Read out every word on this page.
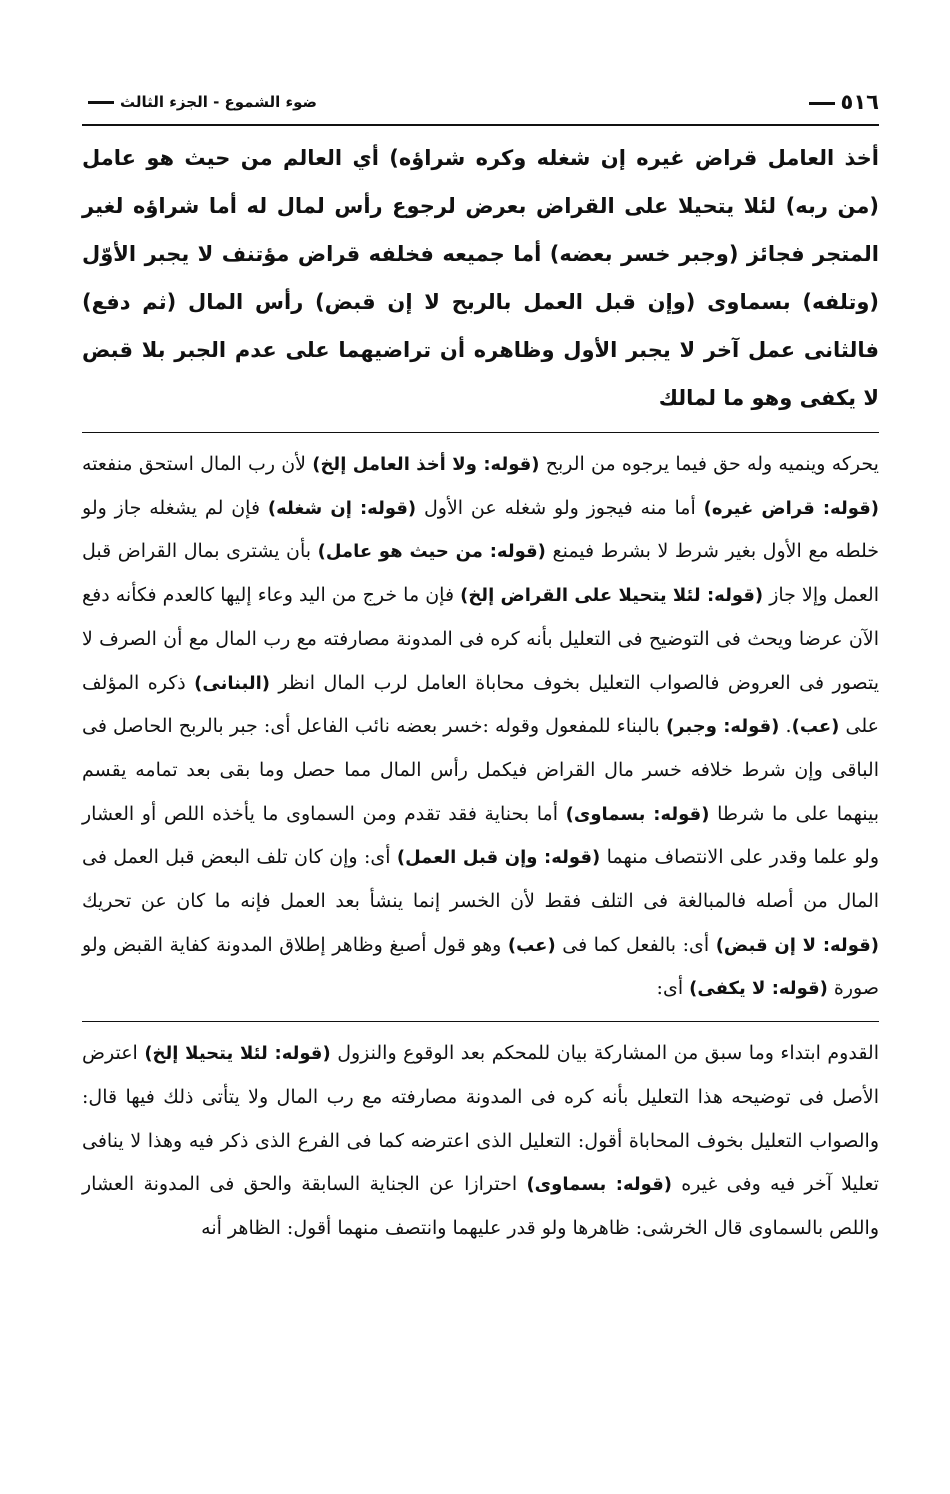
٥١٦
ضوء الشموع - الجزء الثالث

أخذ العامل قراض غيره إن شغله وكره شراؤه) أي العالم من حيث هو عامل (من ربه) لئلا يتحيلا على القراض بعرض لرجوع رأس لمال له أما شراؤه لغير المتجر فجائز (وجبر خسر بعضه) أما جميعه فخلفه قراض مؤتنف لا يجبر الأوّل (وتلفه) بسماوى (وإن قبل العمل بالربح لا إن قبض) رأس المال (ثم دفع) فالثانى عمل آخر لا يجبر الأول وظاهره أن تراضيهما على عدم الجبر بلا قبض لا يكفى وهو ما لمالك

يحركه وينميه وله حق فيما يرجوه من الربح (قوله: ولا أخذ العامل إلخ) لأن رب المال استحق منفعته (قوله: قراض غيره) أما منه فيجوز ولو شغله عن الأول (قوله: إن شغله) فإن لم يشغله جاز ولو خلطه مع الأول بغير شرط لا بشرط فيمنع (قوله: من حيث هو عامل) بأن يشترى بمال القراض قبل العمل وإلا جاز (قوله: لئلا يتحيلا على القراض إلخ) فإن ما خرج من اليد وعاء إليها كالعدم فكأنه دفع الآن عرضا ويحث فى التوضيح فى التعليل بأنه كره فى المدونة مصارفته مع رب المال مع أن الصرف لا يتصور فى العروض فالصواب التعليل بخوف محاباة العامل لرب المال انظر (البنانى) ذكره المؤلف على (عب). (قوله: وجبر) بالبناء للمفعول وقوله :خسر بعضه نائب الفاعل أى: جبر بالربح الحاصل فى الباقى وإن شرط خلافه خسر مال القراض فيكمل رأس المال مما حصل وما بقى بعد تمامه يقسم بينهما على ما شرطا (قوله: بسماوى) أما بحناية فقد تقدم ومن السماوى ما يأخذه اللص أو العشار ولو علما وقدر على الانتصاف منهما (قوله: وإن قبل العمل) أى: وإن كان تلف البعض قبل العمل فى المال من أصله فالمبالغة فى التلف فقط لأن الخسر إنما ينشأ بعد العمل فإنه ما كان عن تحريك (قوله: لا إن قبض) أى: بالفعل كما فى (عب) وهو قول أصبغ وظاهر إطلاق المدونة كفاية القبض ولو صورة (قوله: لا يكفى) أى:

القدوم ابتداء وما سبق من المشاركة بيان للمحكم بعد الوقوع والنزول (قوله: لئلا يتحيلا إلخ) اعترض الأصل فى توضيحه هذا التعليل بأنه كره فى المدونة مصارفته مع رب المال ولا يتأتى ذلك فيها قال: والصواب التعليل بخوف المحاباة أقول: التعليل الذى اعترضه كما فى الفرع الذى ذكر فيه وهذا لا ينافى تعليلا آخر فيه وفى غيره (قوله: بسماوى) احترازا عن الجناية السابقة والحق فى المدونة العشار واللص بالسماوى قال الخرشى: ظاهرها ولو قدر عليهما وانتصف منهما أقول: الظاهر أنه
